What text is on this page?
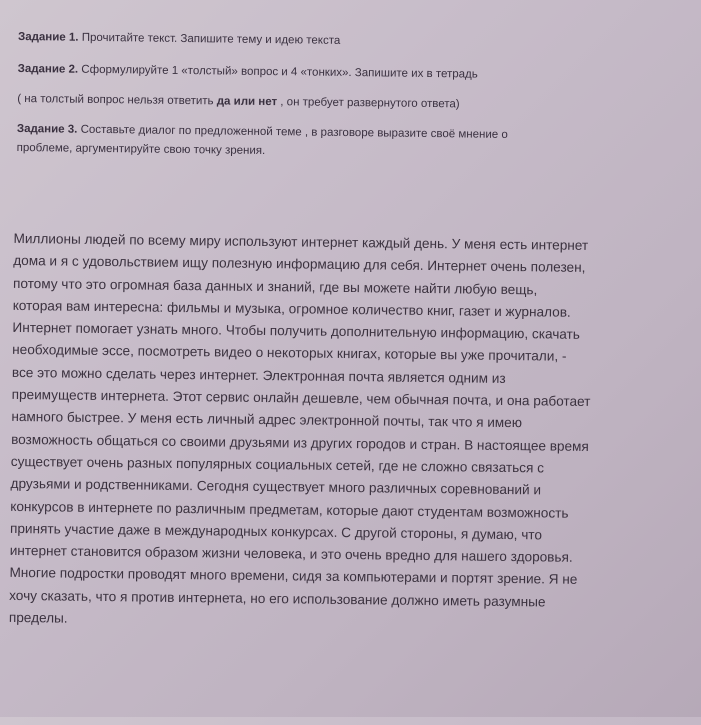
Задание 1. Прочитайте текст. Запишите тему и идею текста
Задание 2. Сформулируйте 1 «толстый» вопрос и 4 «тонких». Запишите их в тетрадь
( на толстый вопрос нельзя ответить да или нет , он требует развернутого ответа)
Задание 3. Составьте диалог по предложенной теме , в разговоре выразите своё мнение о
проблеме, аргументируйте свою точку зрения.
Миллионы людей по всему миру используют интернет каждый день. У меня есть интернет
дома и я с удовольствием ищу полезную информацию для себя. Интернет очень полезен,
потому что это огромная база данных и знаний, где вы можете найти любую вещь,
которая вам интересна: фильмы и музыка, огромное количество книг, газет и журналов.
Интернет помогает узнать много. Чтобы получить дополнительную информацию, скачать
необходимые эссе, посмотреть видео о некоторых книгах, которые вы уже прочитали, -
все это можно сделать через интернет. Электронная почта является одним из
преимуществ интернета. Этот сервис онлайн дешевле, чем обычная почта, и она работает
намного быстрее. У меня есть личный адрес электронной почты, так что я имею
возможность общаться со своими друзьями из других городов и стран. В настоящее время
существует очень разных популярных социальных сетей, где не сложно связаться с
друзьями и родственниками. Сегодня существует много различных соревнований и
конкурсов в интернете по различным предметам, которые дают студентам возможность
принять участие даже в международных конкурсах. С другой стороны, я думаю, что
интернет становится образом жизни человека, и это очень вредно для нашего здоровья.
Многие подростки проводят много времени, сидя за компьютерами и портят зрение. Я не
хочу сказать, что я против интернета, но его использование должно иметь разумные
пределы.
